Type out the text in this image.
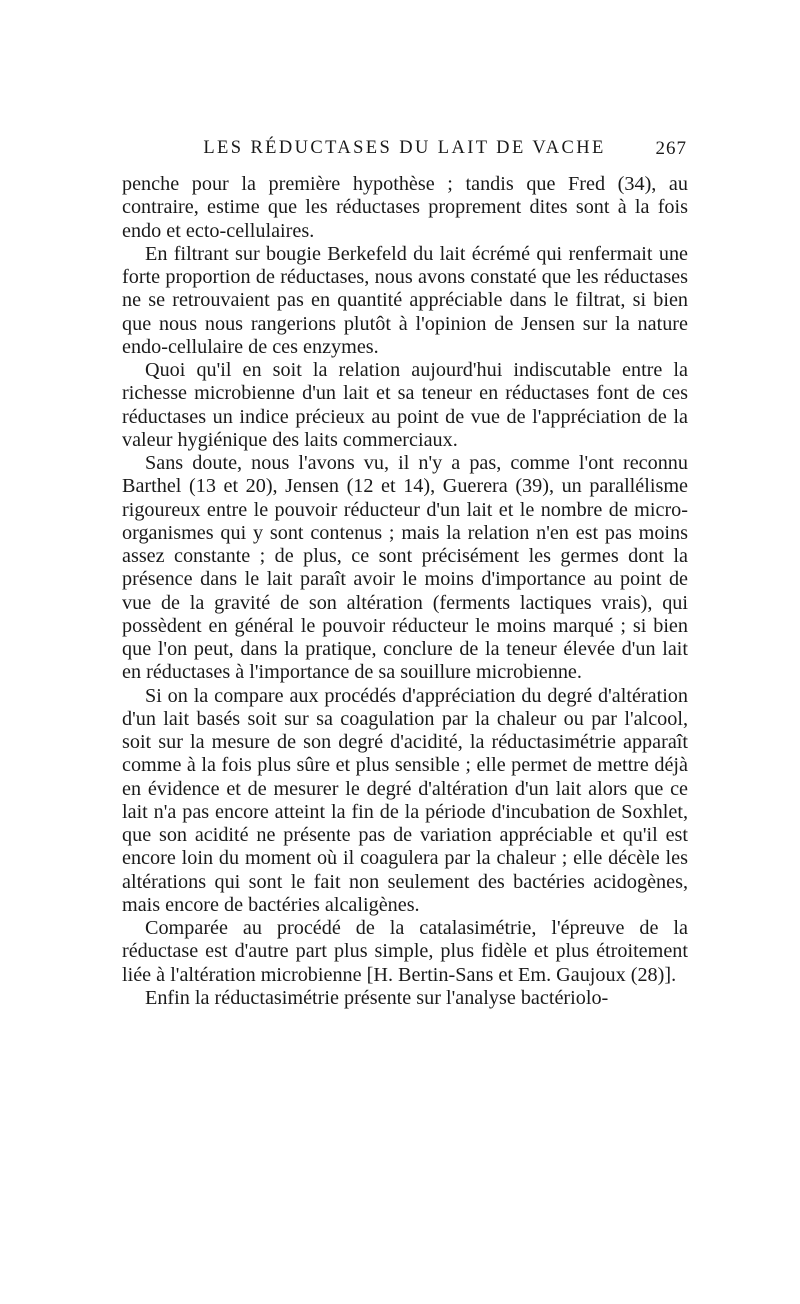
LES RÉDUCTASES DU LAIT DE VACHE	267

penche pour la première hypothèse ; tandis que Fred (34), au contraire, estime que les réductases proprement dites sont à la fois endo et ecto-cellulaires.

En filtrant sur bougie Berkefeld du lait écrémé qui renfermait une forte proportion de réductases, nous avons constaté que les réductases ne se retrouvaient pas en quantité appréciable dans le filtrat, si bien que nous nous rangerions plutôt à l'opinion de Jensen sur la nature endo-cellulaire de ces enzymes.

Quoi qu'il en soit la relation aujourd'hui indiscutable entre la richesse microbienne d'un lait et sa teneur en réductases font de ces réductases un indice précieux au point de vue de l'appréciation de la valeur hygiénique des laits commerciaux.

Sans doute, nous l'avons vu, il n'y a pas, comme l'ont reconnu Barthel (13 et 20), Jensen (12 et 14), Guerera (39), un parallélisme rigoureux entre le pouvoir réducteur d'un lait et le nombre de micro-organismes qui y sont contenus ; mais la relation n'en est pas moins assez constante ; de plus, ce sont précisément les germes dont la présence dans le lait paraît avoir le moins d'importance au point de vue de la gravité de son altération (ferments lactiques vrais), qui possèdent en général le pouvoir réducteur le moins marqué ; si bien que l'on peut, dans la pratique, conclure de la teneur élevée d'un lait en réductases à l'importance de sa souillure microbienne.

Si on la compare aux procédés d'appréciation du degré d'altération d'un lait basés soit sur sa coagulation par la chaleur ou par l'alcool, soit sur la mesure de son degré d'acidité, la réductasimétrie apparaît comme à la fois plus sûre et plus sensible ; elle permet de mettre déjà en évidence et de mesurer le degré d'altération d'un lait alors que ce lait n'a pas encore atteint la fin de la période d'incubation de Soxhlet, que son acidité ne présente pas de variation appréciable et qu'il est encore loin du moment où il coagulera par la chaleur ; elle décèle les altérations qui sont le fait non seulement des bactéries acidogènes, mais encore de bactéries alcaligènes.

Comparée au procédé de la catalasimétrie, l'épreuve de la réductase est d'autre part plus simple, plus fidèle et plus étroitement liée à l'altération microbienne [H. Bertin-Sans et Em. Gaujoux (28)].

Enfin la réductasimétrie présente sur l'analyse bactériolo-
